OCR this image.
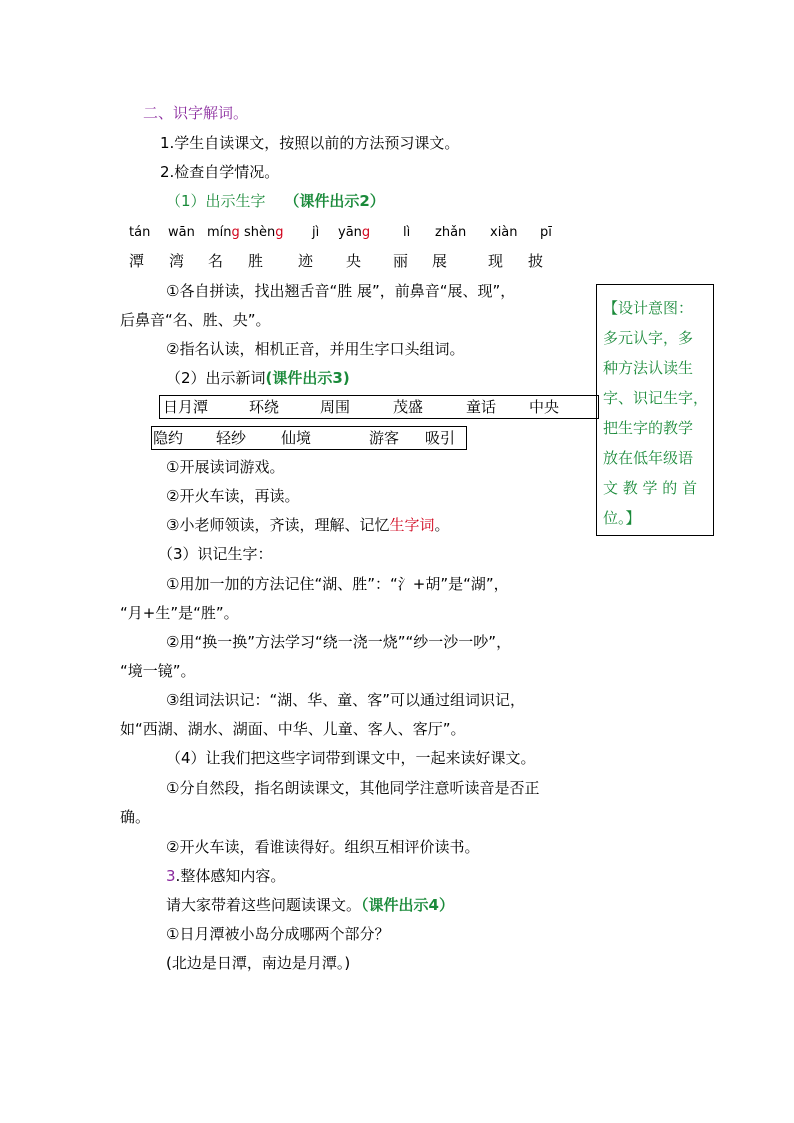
二、识字解词。
1.学生自读课文，按照以前的方法预习课文。
2.检查自学情况。
（1）出示生字 （课件出示2）
tán wān míng shèng jì yāng	lì zhǎn xiàn pī
潭 湾 名 胜 迹 央 丽 展	现 披
①各自拼读，找出翘舌音“胜 展”，前鼻音“展、现”，
后鼻音“名、胜、央”。
②指名认读，相机正音，并用生字口头组词。
（2）出示新词(课件出示3)
日月潭	环绕	周围	茂盛	童话 中央
隐约 轻纱 仙境	游客 吸引
①开展读词游戏。
②开火车读，再读。
③小老师领读，齐读，理解、记忆生字词。
（3）识记生字：
①用加一加的方法记住“湖、胜”：“氵+胡”是“湖”，
“月+生”是“胜”。
②用“换一换”方法学习“绕一浇一烧”“纱一沙一吵”，
“境一镜”。
③组词法识记：“湖、华、童、客”可以通过组词识记，
如“西湖、湖水、湖面、中华、儿童、客人、客厅”。
（4）让我们把这些字词带到课文中，一起来读好课文。
①分自然段，指名朗读课文，其他同学注意听读音是否正
确。
②开火车读，看谁读得好。组织互相评价读书。
3.整体感知内容。
请大家带着这些问题读课文。（课件出示4）
①日月潭被小岛分成哪两个部分？
(北边是日潭，南边是月潭。)
【设计意图：
多元认字，多
种方法认读生
字、识记生字，
把生字的教学
放在低年级语
文 教 学 的 首
位。】
